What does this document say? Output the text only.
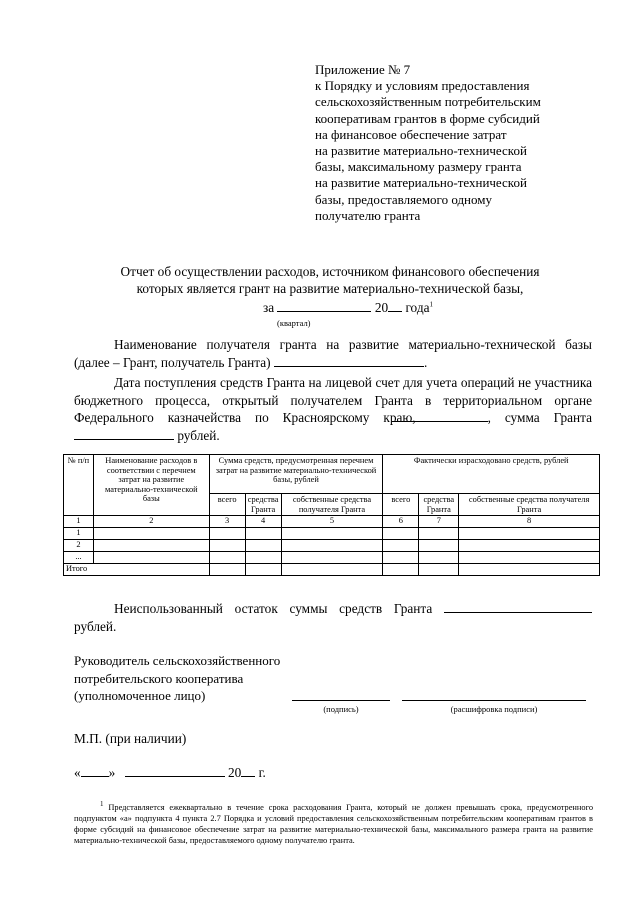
Приложение № 7
к Порядку и условиям предоставления
сельскохозяйственным потребительским
кооперативам грантов в форме субсидий
на финансовое обеспечение затрат
на развитие материально-технической
базы, максимальному размеру гранта
на развитие материально-технической
базы, предоставляемого одному
получателю гранта
Отчет об осуществлении расходов, источником финансового обеспечения
которых является грант на развитие материально-технической базы,
за	20 года$^1$
(квартал)
Наименование получателя гранта на развитие материально-технической базы (далее – Грант, получатель Гранта)	.
Дата поступления средств Гранта на лицевой счет для учета операций не участника бюджетного процесса, открытый получателем Гранта в территориальном органе Федерального казначейства по Красноярскому краю,	, сумма Гранта  рублей.
№ п/п	Наименование расходов в соответствии с перечнем затрат на развитие материально-технической базы	Сумма средств, предусмотренная перечнем затрат на развитие материально-технической базы, рублей			Фактически израсходовано средств, рублей		
		всего	средства Гранта	собственные средства получателя Гранта	всего	средства Гранта	собственные средства получателя Гранта
1	2	3	4	5	6	7	8
1							
2							
...							
Итого							
Неиспользованный остаток суммы средств Гранта  рублей.
Руководитель сельскохозяйственного
потребительского кооператива
(уполномоченное лицо)
(подпись)	(расшифровка подписи)
М.П. (при наличии)
« »	20 г.
$^1$ Представляется ежеквартально в течение срока расходования Гранта, который не должен превышать срока, предусмотренного подпунктом «а» подпункта 4 пункта 2.7 Порядка и условий предоставления сельскохозяйственным потребительским кооперативам грантов в форме субсидий на финансовое обеспечение затрат на развитие материально-технической базы, максимального размера гранта на развитие материально-технической базы, предоставляемого одному получателю гранта.
